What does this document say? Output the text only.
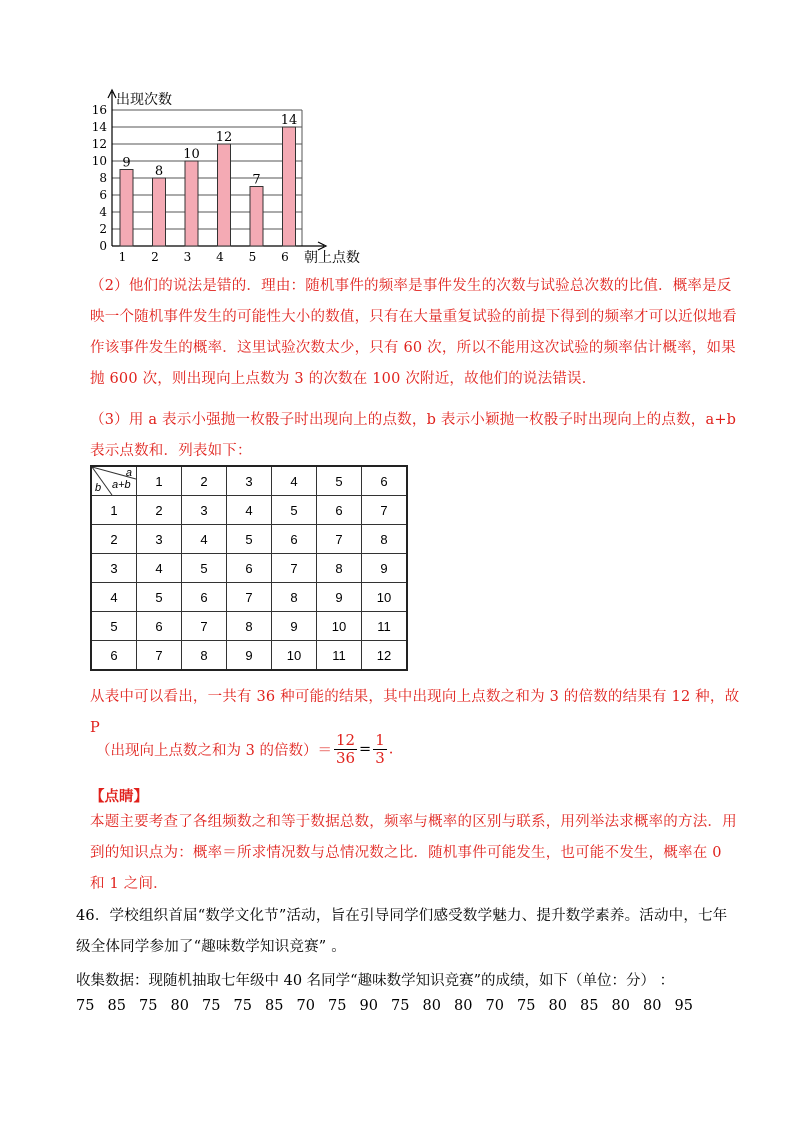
0
2
4
6
8
10
12
14
16
出现次数
朝上点数
9
1
8
2
10
3
12
4
7
5
14
6
（2）他们的说法是错的．理由：随机事件的频率是事件发生的次数与试验总次数的比值．概率是反映一个随机事件发生的可能性大小的数值，只有在大量重复试验的前提下得到的频率才可以近似地看作该事件发生的概率．这里试验次数太少，只有 60 次，所以不能用这次试验的频率估计概率，如果抛 600 次，则出现向上点数为 3 的次数在 100 次附近，故他们的说法错误．
（3）用 a 表示小强抛一枚骰子时出现向上的点数，b 表示小颖抛一枚骰子时出现向上的点数，a+b 表示点数和．列表如下：
a
b a+b	1	2	3	4	5	6
1	2	3	4	5	6	7
2	3	4	5	6	7	8
3	4	5	6	7	8	9
4	5	6	7	8	9	10
5	6	7	8	9	10	11
6	7	8	9	10	11	12
从表中可以看出，一共有 36 种可能的结果，其中出现向上点数之和为 3 的倍数的结果有 12 种，故 P
（出现向上点数之和为 3 的倍数）＝ $\frac{12}{36} = \frac{1}{3}$ .
【点睛】
本题主要考查了各组频数之和等于数据总数，频率与概率的区别与联系，用列举法求概率的方法．用到的知识点为：概率＝所求情况数与总情况数之比．随机事件可能发生，也可能不发生，概率在 0 和 1 之间．
46．学校组织首届“数学文化节”活动，旨在引导同学们感受数学魅力、提升数学素养。活动中，七年级全体同学参加了“趣味数学知识竞赛” 。
收集数据：现随机抽取七年级中 40 名同学“趣味数学知识竞赛”的成绩，如下（单位：分） ：
75 85 75 80 75 75 85 70 75 90 75 80 80 70 75 80 85 80 80 95
